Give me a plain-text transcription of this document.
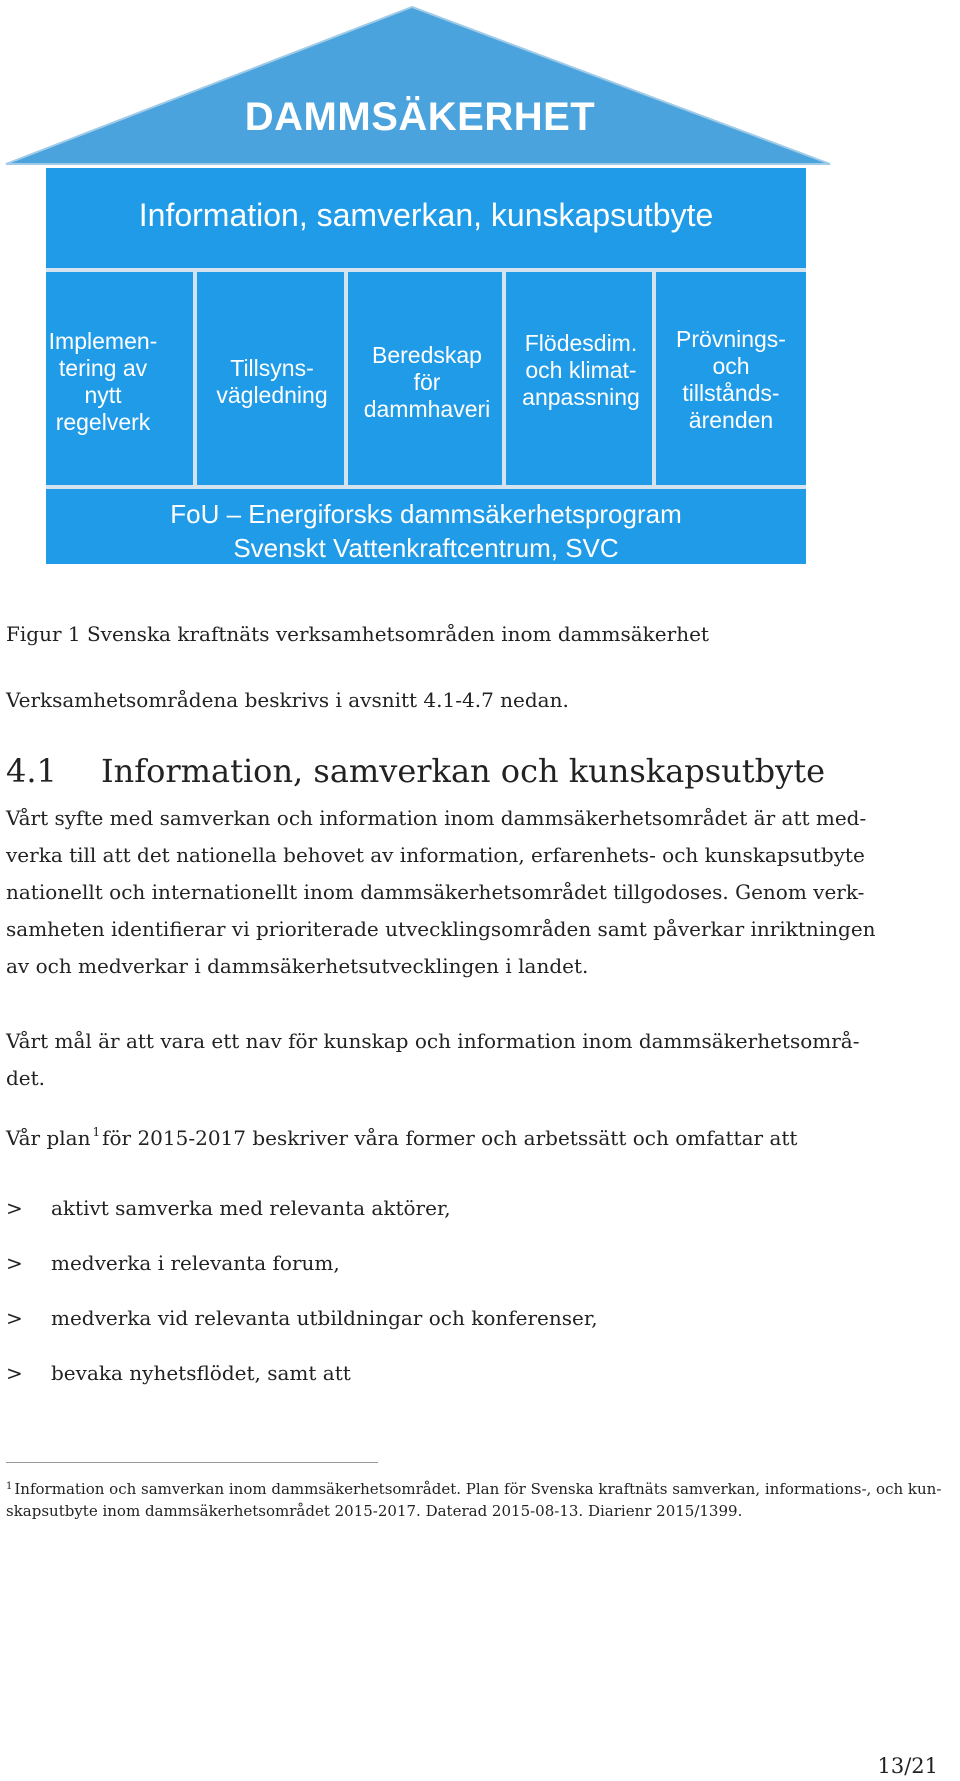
DAMMSÄKERHET
Information, samverkan, kunskapsutbyte
Implemen-
tering av
nytt
regelverk
Tillsyns-
vägledning
Beredskap
för
dammhaveri
Flödesdim.
och klimat-
anpassning
Prövnings-
och
tillstånds-
ärenden
FoU – Energiforsks dammsäkerhetsprogram
Svenskt Vattenkraftcentrum, SVC
Figur 1 Svenska kraftnäts verksamhetsområden inom dammsäkerhet
Verksamhetsområdena beskrivs i avsnitt 4.1-4.7 nedan.
4.1 Information, samverkan och kunskapsutbyte
Vårt syfte med samverkan och information inom dammsäkerhetsområdet är att med-
verka till att det nationella behovet av information, erfarenhets- och kunskapsutbyte
nationellt och internationellt inom dammsäkerhetsområdet tillgodoses. Genom verk-
samheten identifierar vi prioriterade utvecklingsområden samt påverkar inriktningen
av och medverkar i dammsäkerhetsutvecklingen i landet.
Vårt mål är att vara ett nav för kunskap och information inom dammsäkerhetsområ-
det.
Vår plan $^1$ för 2015-2017 beskriver våra former och arbetssätt och omfattar att
> aktivt samverka med relevanta aktörer,
> medverka i relevanta forum,
> medverka vid relevanta utbildningar och konferenser,
> bevaka nyhetsflödet, samt att
$^1$ Information och samverkan inom dammsäkerhetsområdet. Plan för Svenska kraftnäts samverkan, informations-, och kun-
skapsutbyte inom dammsäkerhetsområdet 2015-2017. Daterad 2015-08-13. Diarienr 2015/1399.
13/21
